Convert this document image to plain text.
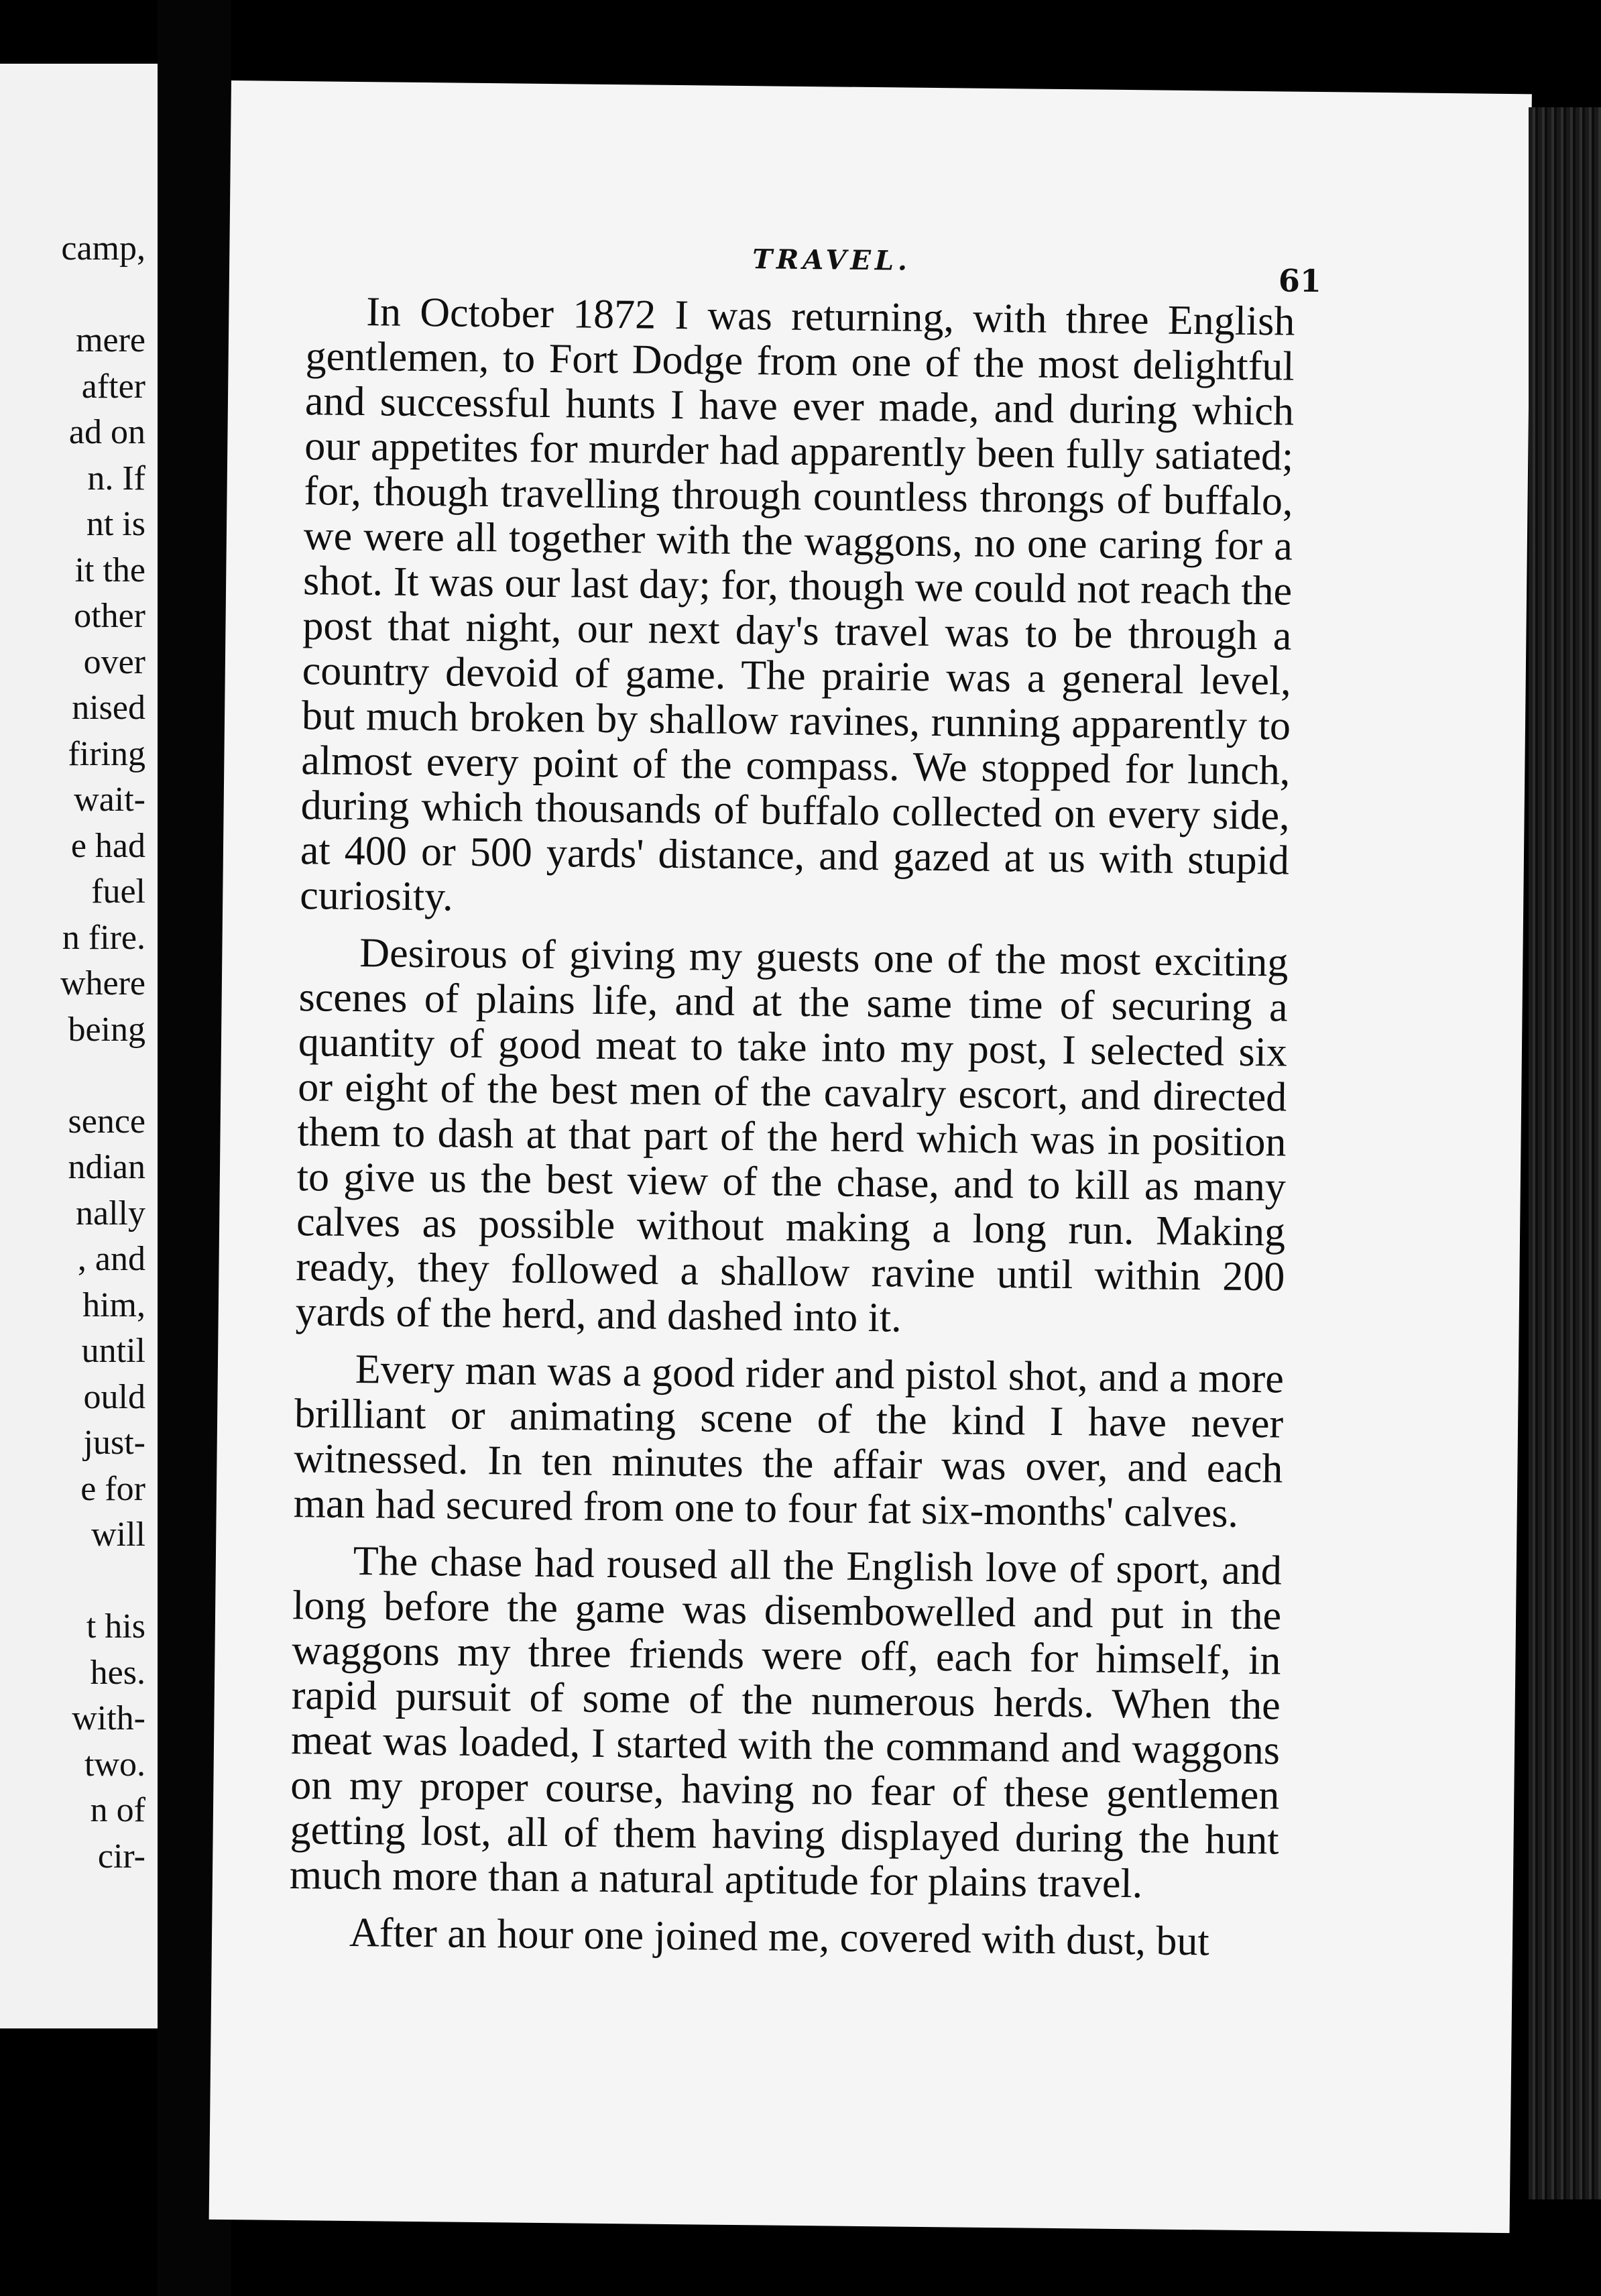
camp,
mere
after
ad on
n. If
nt is
it the
other
over
nised
firing
wait-
e had
fuel
n fire.
where
being
sence
ndian
nally
, and
him,
until
ould
just-
e for
will
t his
hes.
with-
two.
n of
cir-
TRAVEL.
61

In October 1872 I was returning, with three English gentlemen, to Fort Dodge from one of the most delightful and successful hunts I have ever made, and during which our appetites for murder had apparently been fully satiated; for, though travelling through countless throngs of buffalo, we were all together with the waggons, no one caring for a shot. It was our last day; for, though we could not reach the post that night, our next day's travel was to be through a country devoid of game. The prairie was a general level, but much broken by shallow ravines, running apparently to almost every point of the compass. We stopped for lunch, during which thousands of buffalo collected on every side, at 400 or 500 yards' distance, and gazed at us with stupid curiosity.

Desirous of giving my guests one of the most exciting scenes of plains life, and at the same time of securing a quantity of good meat to take into my post, I selected six or eight of the best men of the cavalry escort, and directed them to dash at that part of the herd which was in position to give us the best view of the chase, and to kill as many calves as possible without making a long run. Making ready, they followed a shallow ravine until within 200 yards of the herd, and dashed into it.

Every man was a good rider and pistol shot, and a more brilliant or animating scene of the kind I have never witnessed. In ten minutes the affair was over, and each man had secured from one to four fat six-months' calves.

The chase had roused all the English love of sport, and long before the game was disembowelled and put in the waggons my three friends were off, each for himself, in rapid pursuit of some of the numerous herds. When the meat was loaded, I started with the command and waggons on my proper course, having no fear of these gentlemen getting lost, all of them having displayed during the hunt much more than a natural aptitude for plains travel.

After an hour one joined me, covered with dust, but
